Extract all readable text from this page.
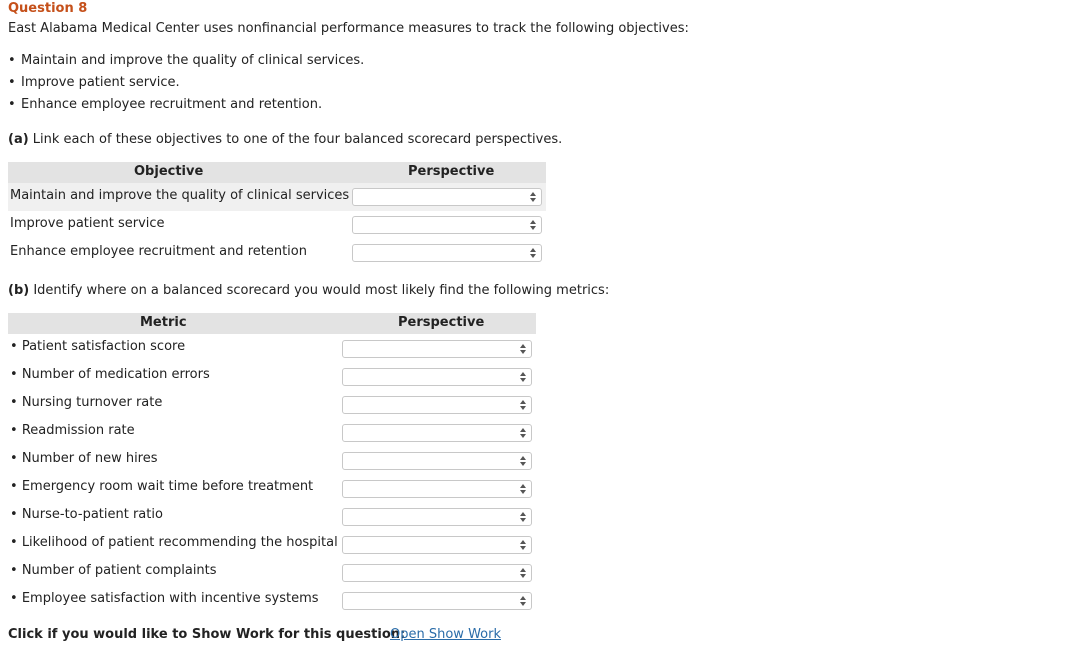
Question 8
East Alabama Medical Center uses nonfinancial performance measures to track the following objectives:
• Maintain and improve the quality of clinical services.
• Improve patient service.
• Enhance employee recruitment and retention.
(a) Link each of these objectives to one of the four balanced scorecard perspectives.
Objective	Perspective
Maintain and improve the quality of clinical services
Improve patient service
Enhance employee recruitment and retention
(b) Identify where on a balanced scorecard you would most likely find the following metrics:
Metric	Perspective
• Patient satisfaction score
• Number of medication errors
• Nursing turnover rate
• Readmission rate
• Number of new hires
• Emergency room wait time before treatment
• Nurse-to-patient ratio
• Likelihood of patient recommending the hospital
• Number of patient complaints
• Employee satisfaction with incentive systems
Click if you would like to Show Work for this question:
Open Show Work
